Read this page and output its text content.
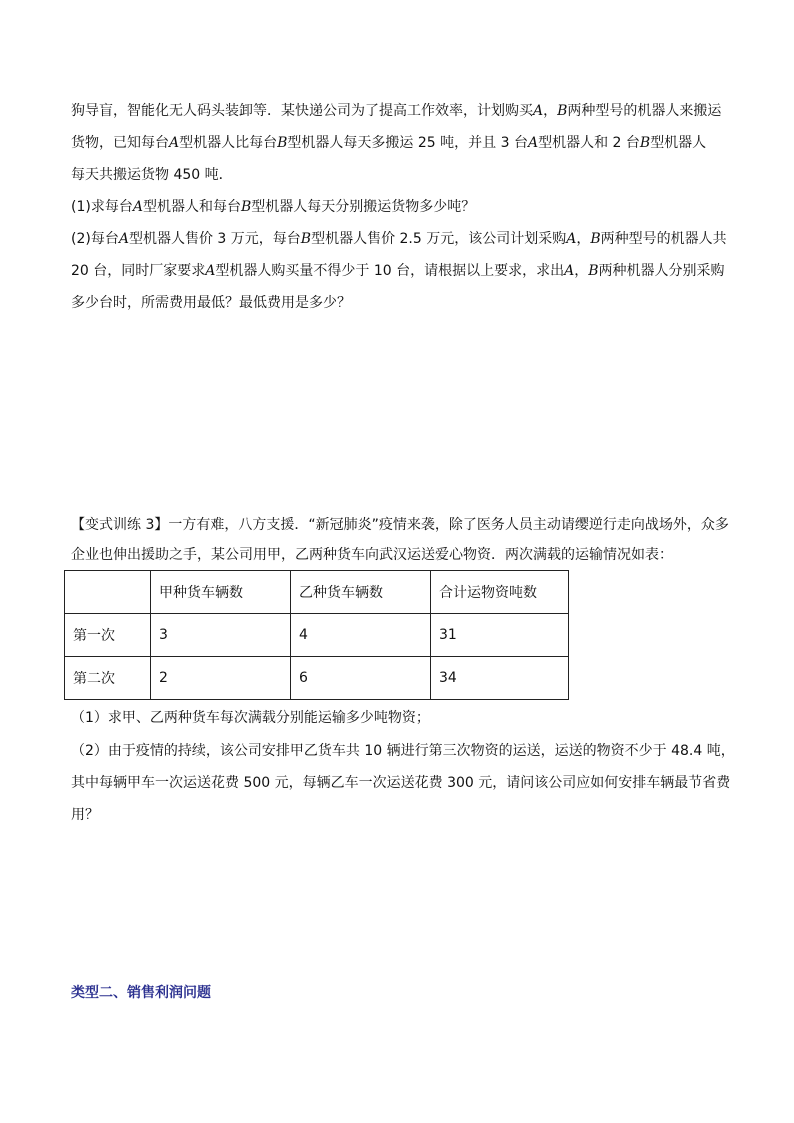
狗导盲，智能化无人码头装卸等．某快递公司为了提高工作效率，计划购买A，B两种型号的机器人来搬运
货物，已知每台A型机器人比每台B型机器人每天多搬运 25 吨，并且 3 台A型机器人和 2 台B型机器人
每天共搬运货物 450 吨．
(1)求每台A型机器人和每台B型机器人每天分别搬运货物多少吨？
(2)每台A型机器人售价 3 万元，每台B型机器人售价 2.5 万元，该公司计划采购A，B两种型号的机器人共
20 台，同时厂家要求A型机器人购买量不得少于 10 台，请根据以上要求，求出A，B两种机器人分别采购
多少台时，所需费用最低？最低费用是多少？
【变式训练 3】一方有难，八方支援．“新冠肺炎”疫情来袭，除了医务人员主动请缨逆行走向战场外，众多
企业也伸出援助之手，某公司用甲，乙两种货车向武汉运送爱心物资．两次满载的运输情况如表：
	甲种货车辆数	乙种货车辆数	合计运物资吨数
第一次	3	4	31
第二次	2	6	34
（1）求甲、乙两种货车每次满载分别能运输多少吨物资；
（2）由于疫情的持续，该公司安排甲乙货车共 10 辆进行第三次物资的运送，运送的物资不少于 48.4 吨，
其中每辆甲车一次运送花费 500 元，每辆乙车一次运送花费 300 元，请问该公司应如何安排车辆最节省费
用？
类型二、销售利润问题
